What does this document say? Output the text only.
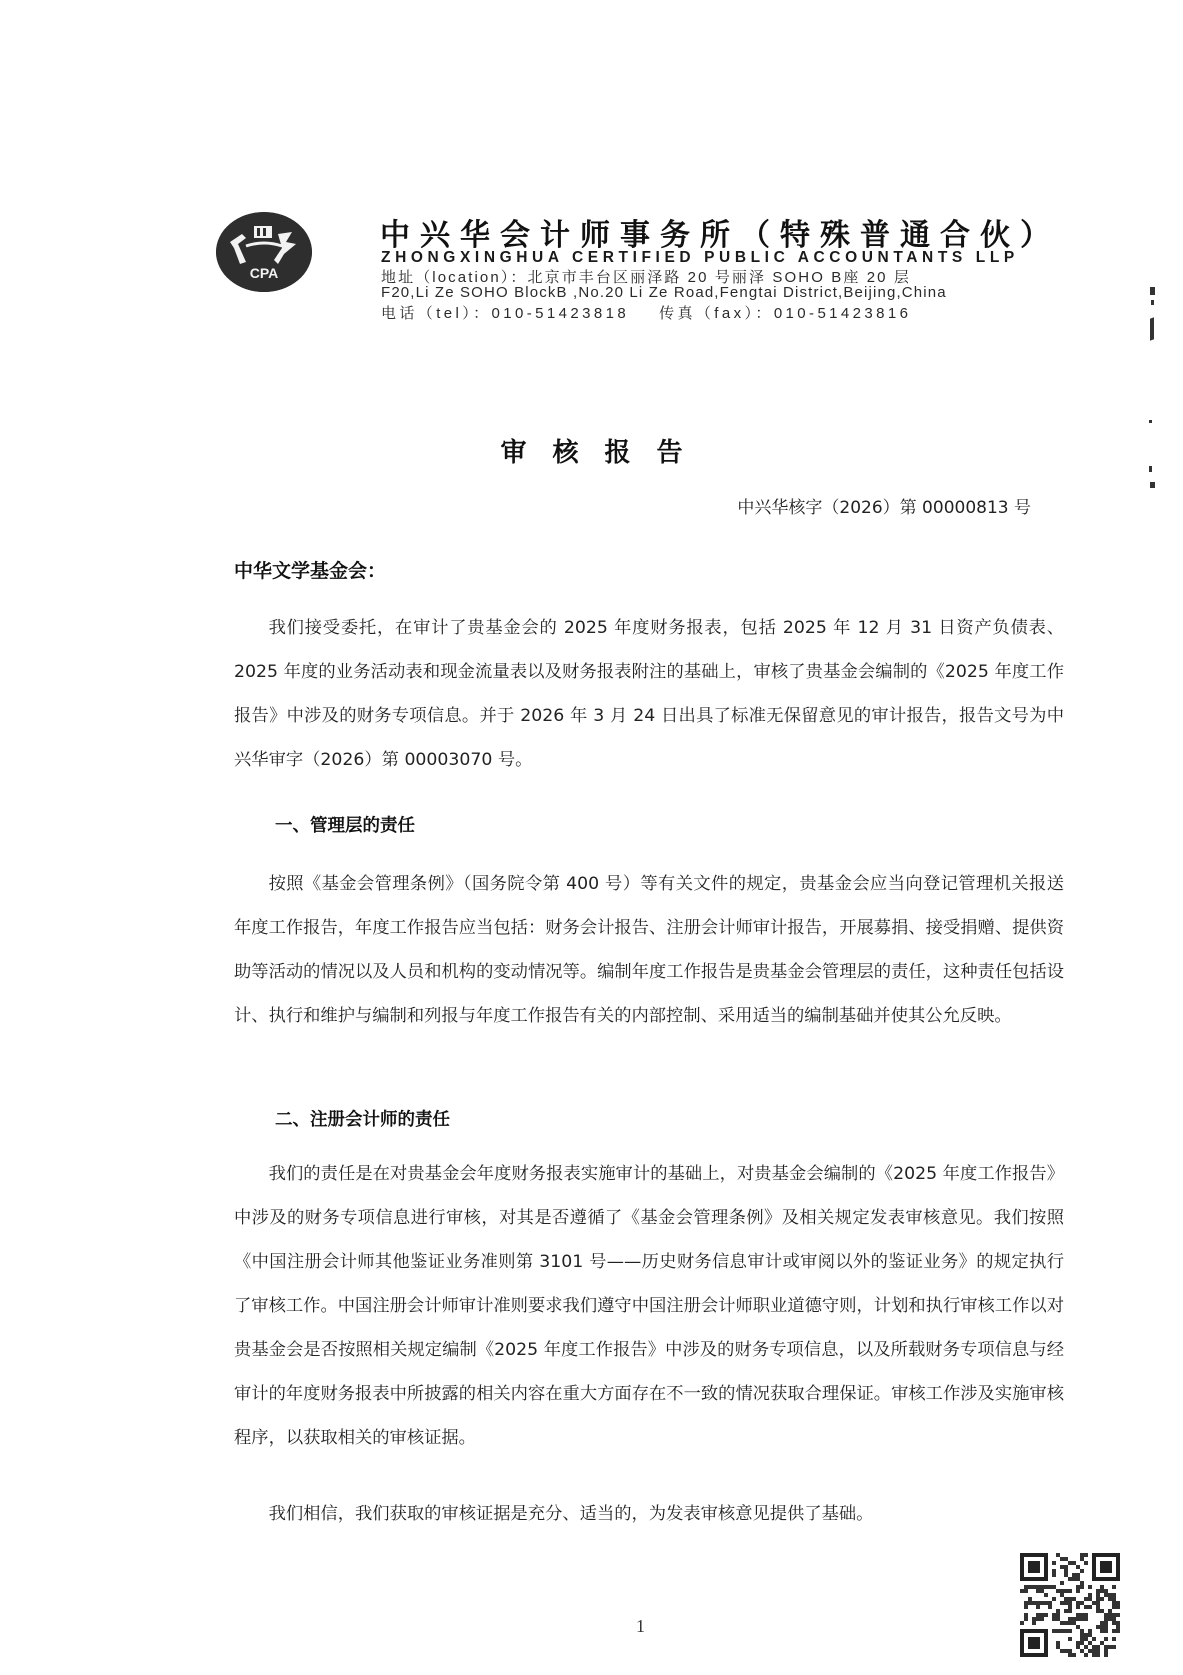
CPA
中兴华会计师事务所（特殊普通合伙）
ZHONGXINGHUA CERTIFIED PUBLIC ACCOUNTANTS LLP
地址（location）：北京市丰台区丽泽路 20 号丽泽 SOHO B座 20 层
F20,Li Ze SOHO BlockB ,No.20 Li Ze Road,Fengtai District,Beijing,China
电话（tel）：010-51423818 传真（fax）：010-51423816
审核报告
中兴华核字（2026）第 00000813 号
中华文学基金会：
我们接受委托，在审计了贵基金会的 2025 年度财务报表，包括 2025 年 12 月 31 日资产负债表、2025 年度的业务活动表和现金流量表以及财务报表附注的基础上，审核了贵基金会编制的《2025 年度工作报告》中涉及的财务专项信息。并于 2026 年 3 月 24 日出具了标准无保留意见的审计报告，报告文号为中兴华审字（2026）第 00003070 号。
一、管理层的责任
按照《基金会管理条例》（国务院令第 400 号）等有关文件的规定，贵基金会应当向登记管理机关报送年度工作报告，年度工作报告应当包括：财务会计报告、注册会计师审计报告，开展募捐、接受捐赠、提供资助等活动的情况以及人员和机构的变动情况等。编制年度工作报告是贵基金会管理层的责任，这种责任包括设计、执行和维护与编制和列报与年度工作报告有关的内部控制、采用适当的编制基础并使其公允反映。
二、注册会计师的责任
我们的责任是在对贵基金会年度财务报表实施审计的基础上，对贵基金会编制的《2025 年度工作报告》中涉及的财务专项信息进行审核，对其是否遵循了《基金会管理条例》及相关规定发表审核意见。我们按照《中国注册会计师其他鉴证业务准则第 3101 号——历史财务信息审计或审阅以外的鉴证业务》的规定执行了审核工作。中国注册会计师审计准则要求我们遵守中国注册会计师职业道德守则，计划和执行审核工作以对贵基金会是否按照相关规定编制《2025 年度工作报告》中涉及的财务专项信息，以及所载财务专项信息与经审计的年度财务报表中所披露的相关内容在重大方面存在不一致的情况获取合理保证。审核工作涉及实施审核程序，以获取相关的审核证据。
我们相信，我们获取的审核证据是充分、适当的，为发表审核意见提供了基础。
1
